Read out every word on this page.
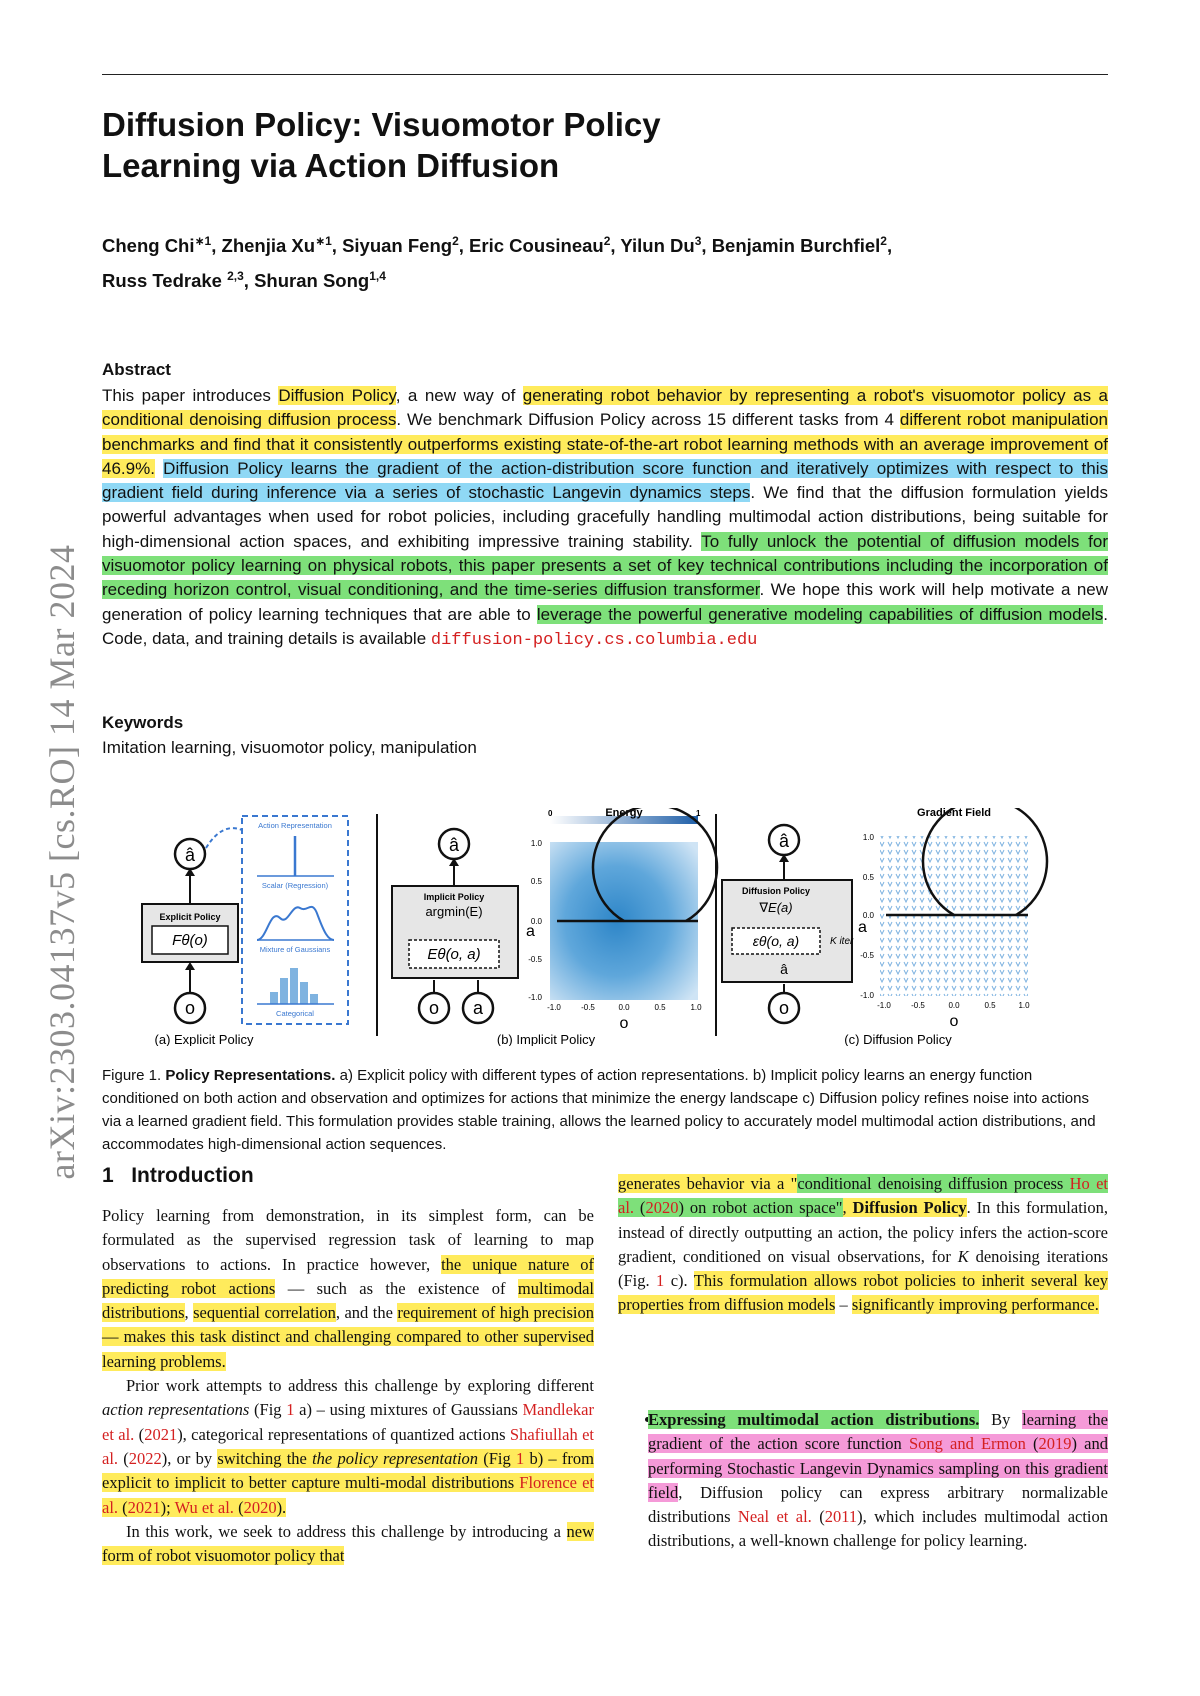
arXiv:2303.04137v5 [cs.RO] 14 Mar 2024
Diffusion Policy: Visuomotor Policy
Learning via Action Diffusion
Cheng Chi$^{∗1}$, Zhenjia $Xu^{∗1}$, Siyuan Feng$^2$, Eric Cousineau$^2$, Yilun Du$^3$, Benjamin Burchfiel$^2$,
Russ Tedrake $^{2,3}$, Shuran Song$^{1,4}$
Abstract
This paper introduces Diffusion Policy, a new way of generating robot behavior by representing a robot's visuomotor policy as a conditional denoising diffusion process. We benchmark Diffusion Policy across 15 different tasks from 4 different robot manipulation benchmarks and find that it consistently outperforms existing state-of-the-art robot learning methods with an average improvement of 46.9%. Diffusion Policy learns the gradient of the action-distribution score function and iteratively optimizes with respect to this gradient field during inference via a series of stochastic Langevin dynamics steps. We find that the diffusion formulation yields powerful advantages when used for robot policies, including gracefully handling multimodal action distributions, being suitable for high-dimensional action spaces, and exhibiting impressive training stability. To fully unlock the potential of diffusion models for visuomotor policy learning on physical robots, this paper presents a set of key technical contributions including the incorporation of receding horizon control, visual conditioning, and the time-series diffusion transformer. We hope this work will help motivate a new generation of policy learning techniques that are able to leverage the powerful generative modeling capabilities of diffusion models. Code, data, and training details is available diffusion-policy.cs.columbia.edu
Keywords
Imitation learning, visuomotor policy, manipulation
â
Explicit Policy
Fθ(o)
o
Action Representation
Scalar (Regression)
Mixture of Gaussians
Categorical
(a) Explicit Policy
â
Implicit Policy
argmin(E)
Eθ(o, a)
o a
a
0	1
Energy
1.0
0.5
0.0
-0.5
-1.0
-1.0	-0.5	0.0	0.5	1.0
o
(b) Implicit Policy
â
Diffusion Policy
∇E(a)
εθ(o, a)	K iter
â
o
a
Gradient Field
1.0
0.5
0.0
-0.5
-1.0
-1.0	-0.5	0.0	0.5	1.0
o
(c) Diffusion Policy
Figure 1. Policy Representations. a) Explicit policy with different types of action representations. b) Implicit policy learns an energy function conditioned on both action and observation and optimizes for actions that minimize the energy landscape c) Diffusion policy refines noise into actions via a learned gradient field. This formulation provides stable training, allows the learned policy to accurately model multimodal action distributions, and accommodates high-dimensional action sequences.
1 Introduction

Policy learning from demonstration, in its simplest form, can be formulated as the supervised regression task of learning to map observations to actions. In practice however, the unique nature of predicting robot actions — such as the existence of multimodal distributions, sequential correlation, and the requirement of high precision — makes this task distinct and challenging compared to other supervised learning problems.

Prior work attempts to address this challenge by exploring different action representations (Fig 1 a) – using mixtures of Gaussians Mandlekar et al. (2021), categorical representations of quantized actions Shafiullah et al. (2022), or by switching the the policy representation (Fig 1 b) – from explicit to implicit to better capture multi-modal distributions Florence et al. (2021); Wu et al. (2020).

In this work, we seek to address this challenge by introducing a new form of robot visuomotor policy that

generates behavior via a "conditional denoising diffusion process Ho et al. (2020) on robot action space", Diffusion Policy. In this formulation, instead of directly outputting an action, the policy infers the action-score gradient, conditioned on visual observations, for K denoising iterations (Fig. 1 c). This formulation allows robot policies to inherit several key properties from diffusion models – significantly improving performance.

Expressing multimodal action distributions. By learning the gradient of the action score function Song and Ermon (2019) and performing Stochastic Langevin Dynamics sampling on this gradient field, Diffusion policy can express arbitrary normalizable distributions Neal et al. (2011), which includes multimodal action distributions, a well-known challenge for policy learning.
